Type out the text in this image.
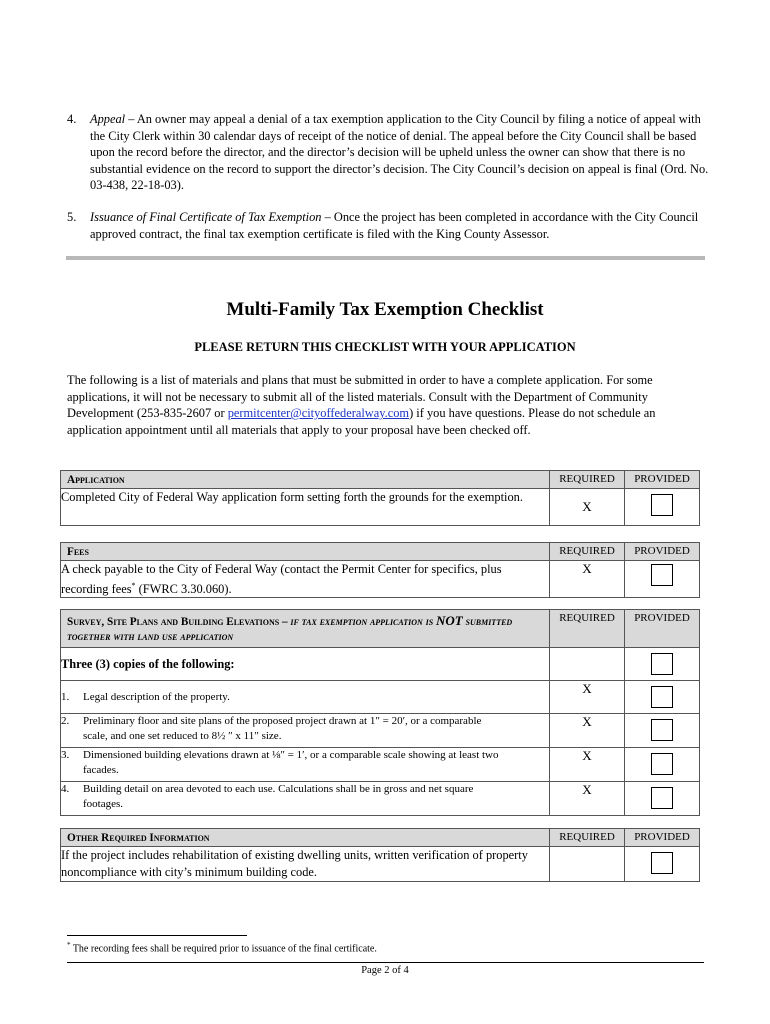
4. Appeal – An owner may appeal a denial of a tax exemption application to the City Council by filing a notice of appeal with the City Clerk within 30 calendar days of receipt of the notice of denial. The appeal before the City Council shall be based upon the record before the director, and the director’s decision will be upheld unless the owner can show that there is no substantial evidence on the record to support the director’s decision. The City Council’s decision on appeal is final (Ord. No. 03-438, 22-18-03).
5. Issuance of Final Certificate of Tax Exemption – Once the project has been completed in accordance with the City Council approved contract, the final tax exemption certificate is filed with the King County Assessor.
Multi-Family Tax Exemption Checklist
PLEASE RETURN THIS CHECKLIST WITH YOUR APPLICATION
The following is a list of materials and plans that must be submitted in order to have a complete application. For some applications, it will not be necessary to submit all of the listed materials. Consult with the Department of Community Development (253-835-2607 or permitcenter@cityoffederalway.com) if you have questions. Please do not schedule an application appointment until all materials that apply to your proposal have been checked off.
Application	REQUIRED	PROVIDED
Completed City of Federal Way application form setting forth the grounds for the exemption.	X	
Fees	REQUIRED	PROVIDED
A check payable to the City of Federal Way (contact the Permit Center for specifics, plus recording fees* (FWRC 3.30.060).	X	
Survey, Site Plans and Building Elevations – if tax exemption application is NOT submitted together with land use application	REQUIRED	PROVIDED
Three (3) copies of the following:		
1. Legal description of the property.	X	
2. Preliminary floor and site plans of the proposed project drawn at 1″ = 20′, or a comparable scale, and one set reduced to 8½ ″ x 11″ size.	X	
3. Dimensioned building elevations drawn at ⅛″ = 1′, or a comparable scale showing at least two facades.	X	
4. Building detail on area devoted to each use. Calculations shall be in gross and net square footages.	X	
Other Required Information	REQUIRED	PROVIDED
If the project includes rehabilitation of existing dwelling units, written verification of property noncompliance with city’s minimum building code.		
* The recording fees shall be required prior to issuance of the final certificate.
Page 2 of 4
